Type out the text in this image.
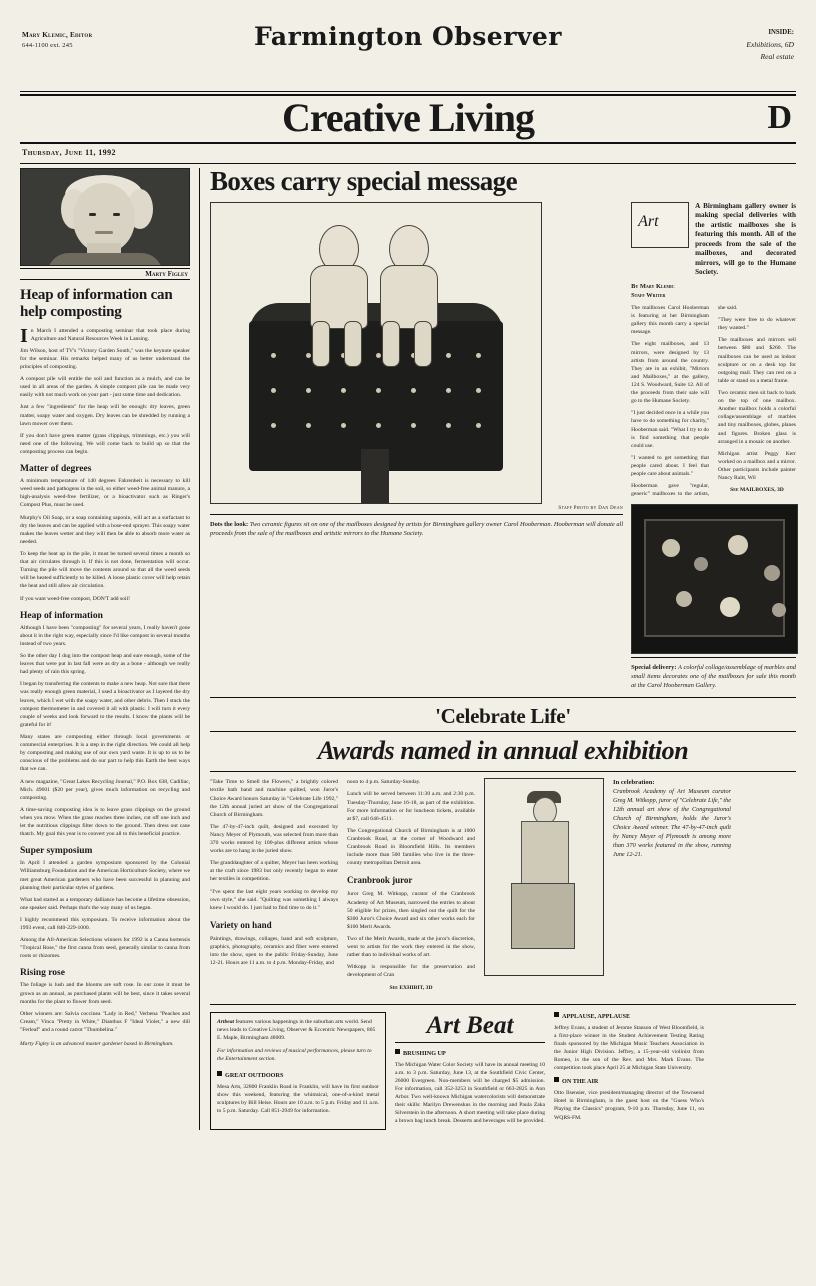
Mary Klemic, Editor
644-1100 ext. 245	Farmington Observer	INSIDE:
Exhibitions, 6D
Real estate
Creative Living	D
Thursday, June 11, 1992
Marty Figley
Heap of information can help composting

In March I attended a composting seminar that took place during Agriculture and Natural Resources Week in Lansing.

Jim Wilson, host of TV's "Victory Garden South," was the keynote speaker for the seminar. His remarks helped many of us better understand the principles of composting.

A compost pile will entitle the soil and function as a mulch, and can be used in all areas of the garden. A simple compost pile can be made very easily with not much work on your part - just some time and dedication.

Just a few "ingredients" for the heap will be enough: dry leaves, green matter, soapy water and oxygen. Dry leaves can be shredded by running a lawn mower over them.

If you don't have green matter (grass clippings, trimmings, etc.) you will need one of the following. We will come back to build up so that the composting process can begin.

Matter of degrees

A minimum temperature of 140 degrees Fahrenheit is necessary to kill weed seeds and pathogens in the soil, so either weed-free animal manure, a high-analysis weed-free fertilizer, or a bioactivator such as Ringer's Compost Plus, must be used.

Murphy's Oil Soap, or a soap containing saponin, will act as a surfactant to dry the leaves and can be applied with a hose-end sprayer. This soapy water makes the leaves wetter and they will then be able to absorb more water as needed.

To keep the heat up in the pile, it must be turned several times a month so that air circulates through it. If this is not done, fermentation will occur. Turning the pile will move the contents around so that all the weed seeds will be heated sufficiently to be killed. A loose plastic cover will help retain the heat and still allow air circulation.

If you want weed-free compost, DON'T add soil!

Heap of information

Although I have been "composting" for several years, I really haven't gone about it in the right way, especially since I'd like compost in several months instead of two years.

So the other day I dug into the compost heap and sure enough, some of the leaves that were put in last fall were as dry as a bone - although we really had plenty of rain this spring.

I began by transferring the contents to make a new heap. Not sure that there was really enough green material, I used a bioactivator as I layered the dry leaves, which I wet with the soapy water, and other debris. Then I stuck the compost thermometer in and covered it all with plastic. I will turn it every couple of weeks and look forward to the results. I know the plants will be grateful for it!

Many states are composting either through local governments or commercial enterprises. It is a step in the right direction. We could all help by composting and making use of our own yard waste. It is up to us to be conscious of the problems and do our part to help this Earth the best ways that we can.

A new magazine, "Great Lakes Recycling Journal," P.O. Box 638, Cadillac, Mich. 49601 ($20 per year), gives much information on recycling and composting.

A time-saving composting idea is to leave grass clippings on the ground when you mow. When the grass reaches three inches, cut off one inch and let the nutritious clippings filter down to the ground. Then dress out cane thatch. My goal this year is to convert you all to this beneficial practice.

Super symposium

In April I attended a garden symposium sponsored by the Colonial Williamsburg Foundation and the American Horticulture Society, where we met great American gardeners who have been successful in planning and planning their particular styles of gardens.

What had started as a temporary dalliance has become a lifetime obsession, one speaker said. Perhaps that's the way many of us began.

I highly recommend this symposium. To receive information about the 1993 event, call 840-229-1000.

Among the All-American Selections winners for 1992 is a Canna hortensis "Tropical Rose," the first canna from seed, generally similar to canna from roots or rhizomes.

Rising rose

The foliage is lush and the blooms are soft rose. In our zone it must be grown as an annual, as purchased plants will be best, since it takes several months for the plant to flower from seed.

Other winners are: Salvia coccinea "Lady in Red," Verbena "Peaches and Cream," Vinca "Pretty in White," Dianthus F "Ideal Violet," a new dill "Ferleaf" and a round carrot "Thumbelina."

Marty Figley is an advanced master gardener based in Birmingham.
Boxes carry special message
Staff Photo by Dan Dean
Dots the look: Two ceramic figures sit on one of the mailboxes designed by artists for Birmingham gallery owner Carol Hooberman. Hooberman will donate all proceeds from the sale of the mailboxes and artistic mirrors to the Humane Society.
Art
A Birmingham gallery owner is making special deliveries with the artistic mailboxes she is featuring this month. All of the proceeds from the sale of the mailboxes, and decorated mirrors, will go to the Humane Society.
By Mary Klemic
Staff Writer

The mailboxes Carol Hooberman is featuring at her Birmingham gallery this month carry a special message.

The eight mailboxes, and 13 mirrors, were designed by 13 artists from around the country. They are in an exhibit, "Mirrors and Mailboxes," at the gallery, 124 S. Woodward, Suite 12. All of the proceeds from their sale will go to the Humane Society.

"I just decided once in a while you have to do something for charity," Hooberman said. "What I try to do is find something that people could use.

"I wanted to get something that people cared about. I feel that people care about animals."

Hooberman gave "regular, generic" mailboxes to the artists, she said.

"They were free to do whatever they wanted."

The mailboxes and mirrors sell between $80 and $260. The mailboxes can be used as indoor sculpture or on a desk top for outgoing mail. They can rest on a table or stand on a metal frame.

Two ceramic men sit back to back on the top of one mailbox. Another mailbox holds a colorful collage/assemblage of marbles and tiny mailboxes, globes, planes and figures. Broken glass is arranged in a mosaic on another.

Michigan artist Peggy Kerr worked on a mailbox and a mirror. Other participants include painter Nancy Raitt, Wil

See MAILBOXES, 3D

Special delivery: A colorful collage/assemblage of marbles and small items decorates one of the mailboxes for sale this month at the Carol Hooberman Gallery.
'Celebrate Life'
Awards named in annual exhibition

"Take Time to Smell the Flowers," a brightly colored textile bath band and machine quilted, won Juror's Choice Award honors Saturday in "Celebrate Life 1992," the 12th annual juried art show of the Congregational Church of Birmingham.

The 47-by-47-inch quilt, designed and executed by Nancy Meyer of Plymouth, was selected from more than 370 works entered by 100-plus different artists whose works are to hang in the juried show.

The granddaughter of a quilter, Meyer has been working at the craft since 1983 but only recently began to enter her textiles in competition.

"I've spent the last eight years working to develop my own style," she said. "Quilting was something I always knew I would do. I just had to find time to do it."

Variety on hand

Paintings, drawings, collages, hand and soft sculpture, graphics, photography, ceramics and fiber were entered into the show, open to the public Friday-Sunday, June 12-21. Hours are 11 a.m. to 4 p.m. Monday-Friday, and

noon to 4 p.m. Saturday-Sunday.

Lunch will be served between 11:30 a.m. and 2:30 p.m. Tuesday-Thursday, June 16-18, as part of the exhibition. For more information or for luncheon tickets, available at $7, call 646-4511.

The Congregational Church of Birmingham is at 1000 Cranbrook Road, at the corner of Woodward and Cranbrook Road in Bloomfield Hills. Its members include more than 500 families who live in the three-county metropolitan Detroit area.

Cranbrook juror

Juror Greg M. Witkopp, curator of the Cranbrook Academy of Art Museum, narrowed the entries to about 50 eligible for prizes, then singled out the quilt for the $300 Juror's Choice Award and six other works each for $100 Merit Awards.

Two of the Merit Awards, made at the juror's discretion, went to artists for the work they entered in the show, rather than to individual works of art.

Witkopp is responsible for the preservation and development of Cran

See EXHIBIT, 3D

In celebration:
Cranbrook Academy of Art Museum curator Greg M. Witkopp, juror of "Celebrate Life," the 12th annual art show of the Congregational Church of Birmingham, holds the Juror's Choice Award winner. The 47-by-47-inch quilt by Nancy Meyer of Plymouth is among more than 370 works featured in the show, running June 12-21.

Artbeat features various happenings in the suburban arts world. Send news leads to Creative Living, Observer & Eccentric Newspapers, 805 E. Maple, Birmingham 48009.

For information and reviews of musical performances, please turn to the Entertainment section.

GREAT OUTDOORS
Mesa Arts, 32800 Franklin Road in Franklin, will have its first outdoor show this weekend, featuring the whimsical, one-of-a-kind metal sculptures by Bill Heise. Hours are 10 a.m. to 5 p.m. Friday and 11 a.m. to 5 p.m. Saturday. Call 851-2949 for information.
Art Beat
BRUSHING UP

The Michigan Water Color Society will have its annual meeting 10 a.m. to 3 p.m. Saturday, June 13, at the Southfield Civic Center, 26000 Evergreen. Non-members will be charged $5 admission. For information, call 352-3253 in Southfield or 663-2825 in Ann Arbor. Two well-known Michigan watercolorists will demonstrate their skills: Marilyn Drewenskus in the morning and Paula Zaka Silverstein in the afternoon. A short meeting will take place during a brown bag lunch break. Desserts and beverages will be provided.

APPLAUSE, APPLAUSE

Jeffrey Evans, a student of Jerome Stanson of West Bloomfield, is a first-place winner in the Student Achievement Testing Rating finals sponsored by the Michigan Music Teachers Association in the Junior High Division. Jeffrey, a 15-year-old violinist from Romeo, is the son of the Rev. and Mrs. Mark Evans. The competition took place April 25 at Michigan State University.

ON THE AIR

Otto Ilsensier, vice president/managing director of the Townsend Hotel in Birmingham, is the guest host on the "Guess Who's Playing the Classics" program, 9-10 p.m. Thursday, June 11, on WQRS-FM.
